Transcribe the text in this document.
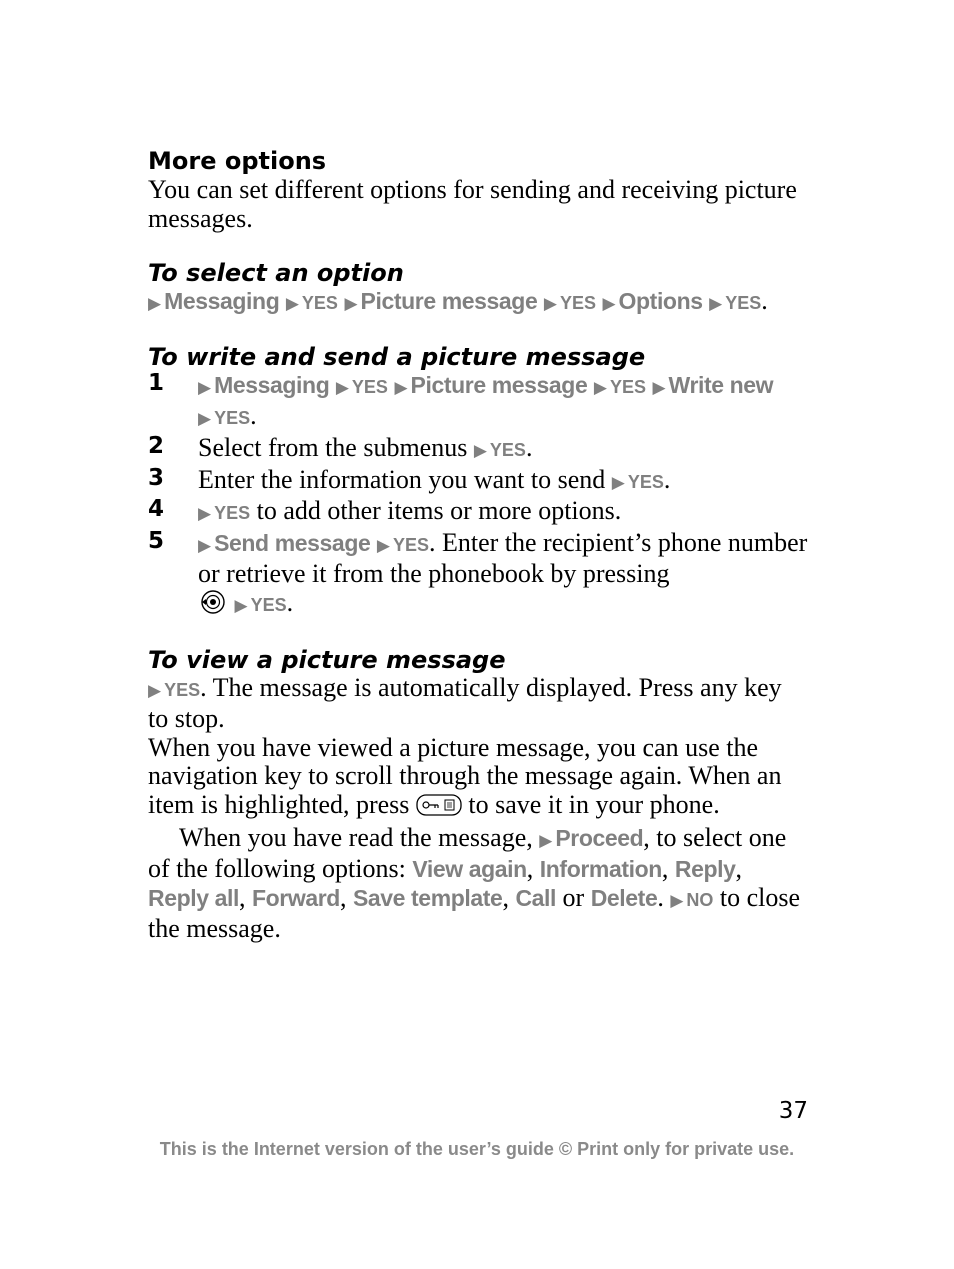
More options

You can set different options for sending and receiving picture messages.

To select an option

▶ Messaging ▶ YES ▶ Picture message ▶ YES ▶ Options ▶ YES.

To write and send a picture message
1 ▶ Messaging ▶ YES ▶ Picture message ▶ YES ▶ Write new
▶ YES.
2 Select from the submenus ▶ YES.
3 Enter the information you want to send ▶ YES.
4 ▶ YES to add other items or more options.
5 ▶ Send message ▶ YES. Enter the recipient’s phone number or retrieve it from the phonebook by pressing
▶ YES.
To view a picture message

▶ YES. The message is automatically displayed. Press any key to stop.

When you have viewed a picture message, you can use the navigation key to scroll through the message again. When an item is highlighted, press to save it in your phone.

When you have read the message, ▶ Proceed, to select one of the following options: View again, Information, Reply, Reply all, Forward, Save template, Call or Delete. ▶ NO to close the message.

37
This is the Internet version of the user’s guide © Print only for private use.
